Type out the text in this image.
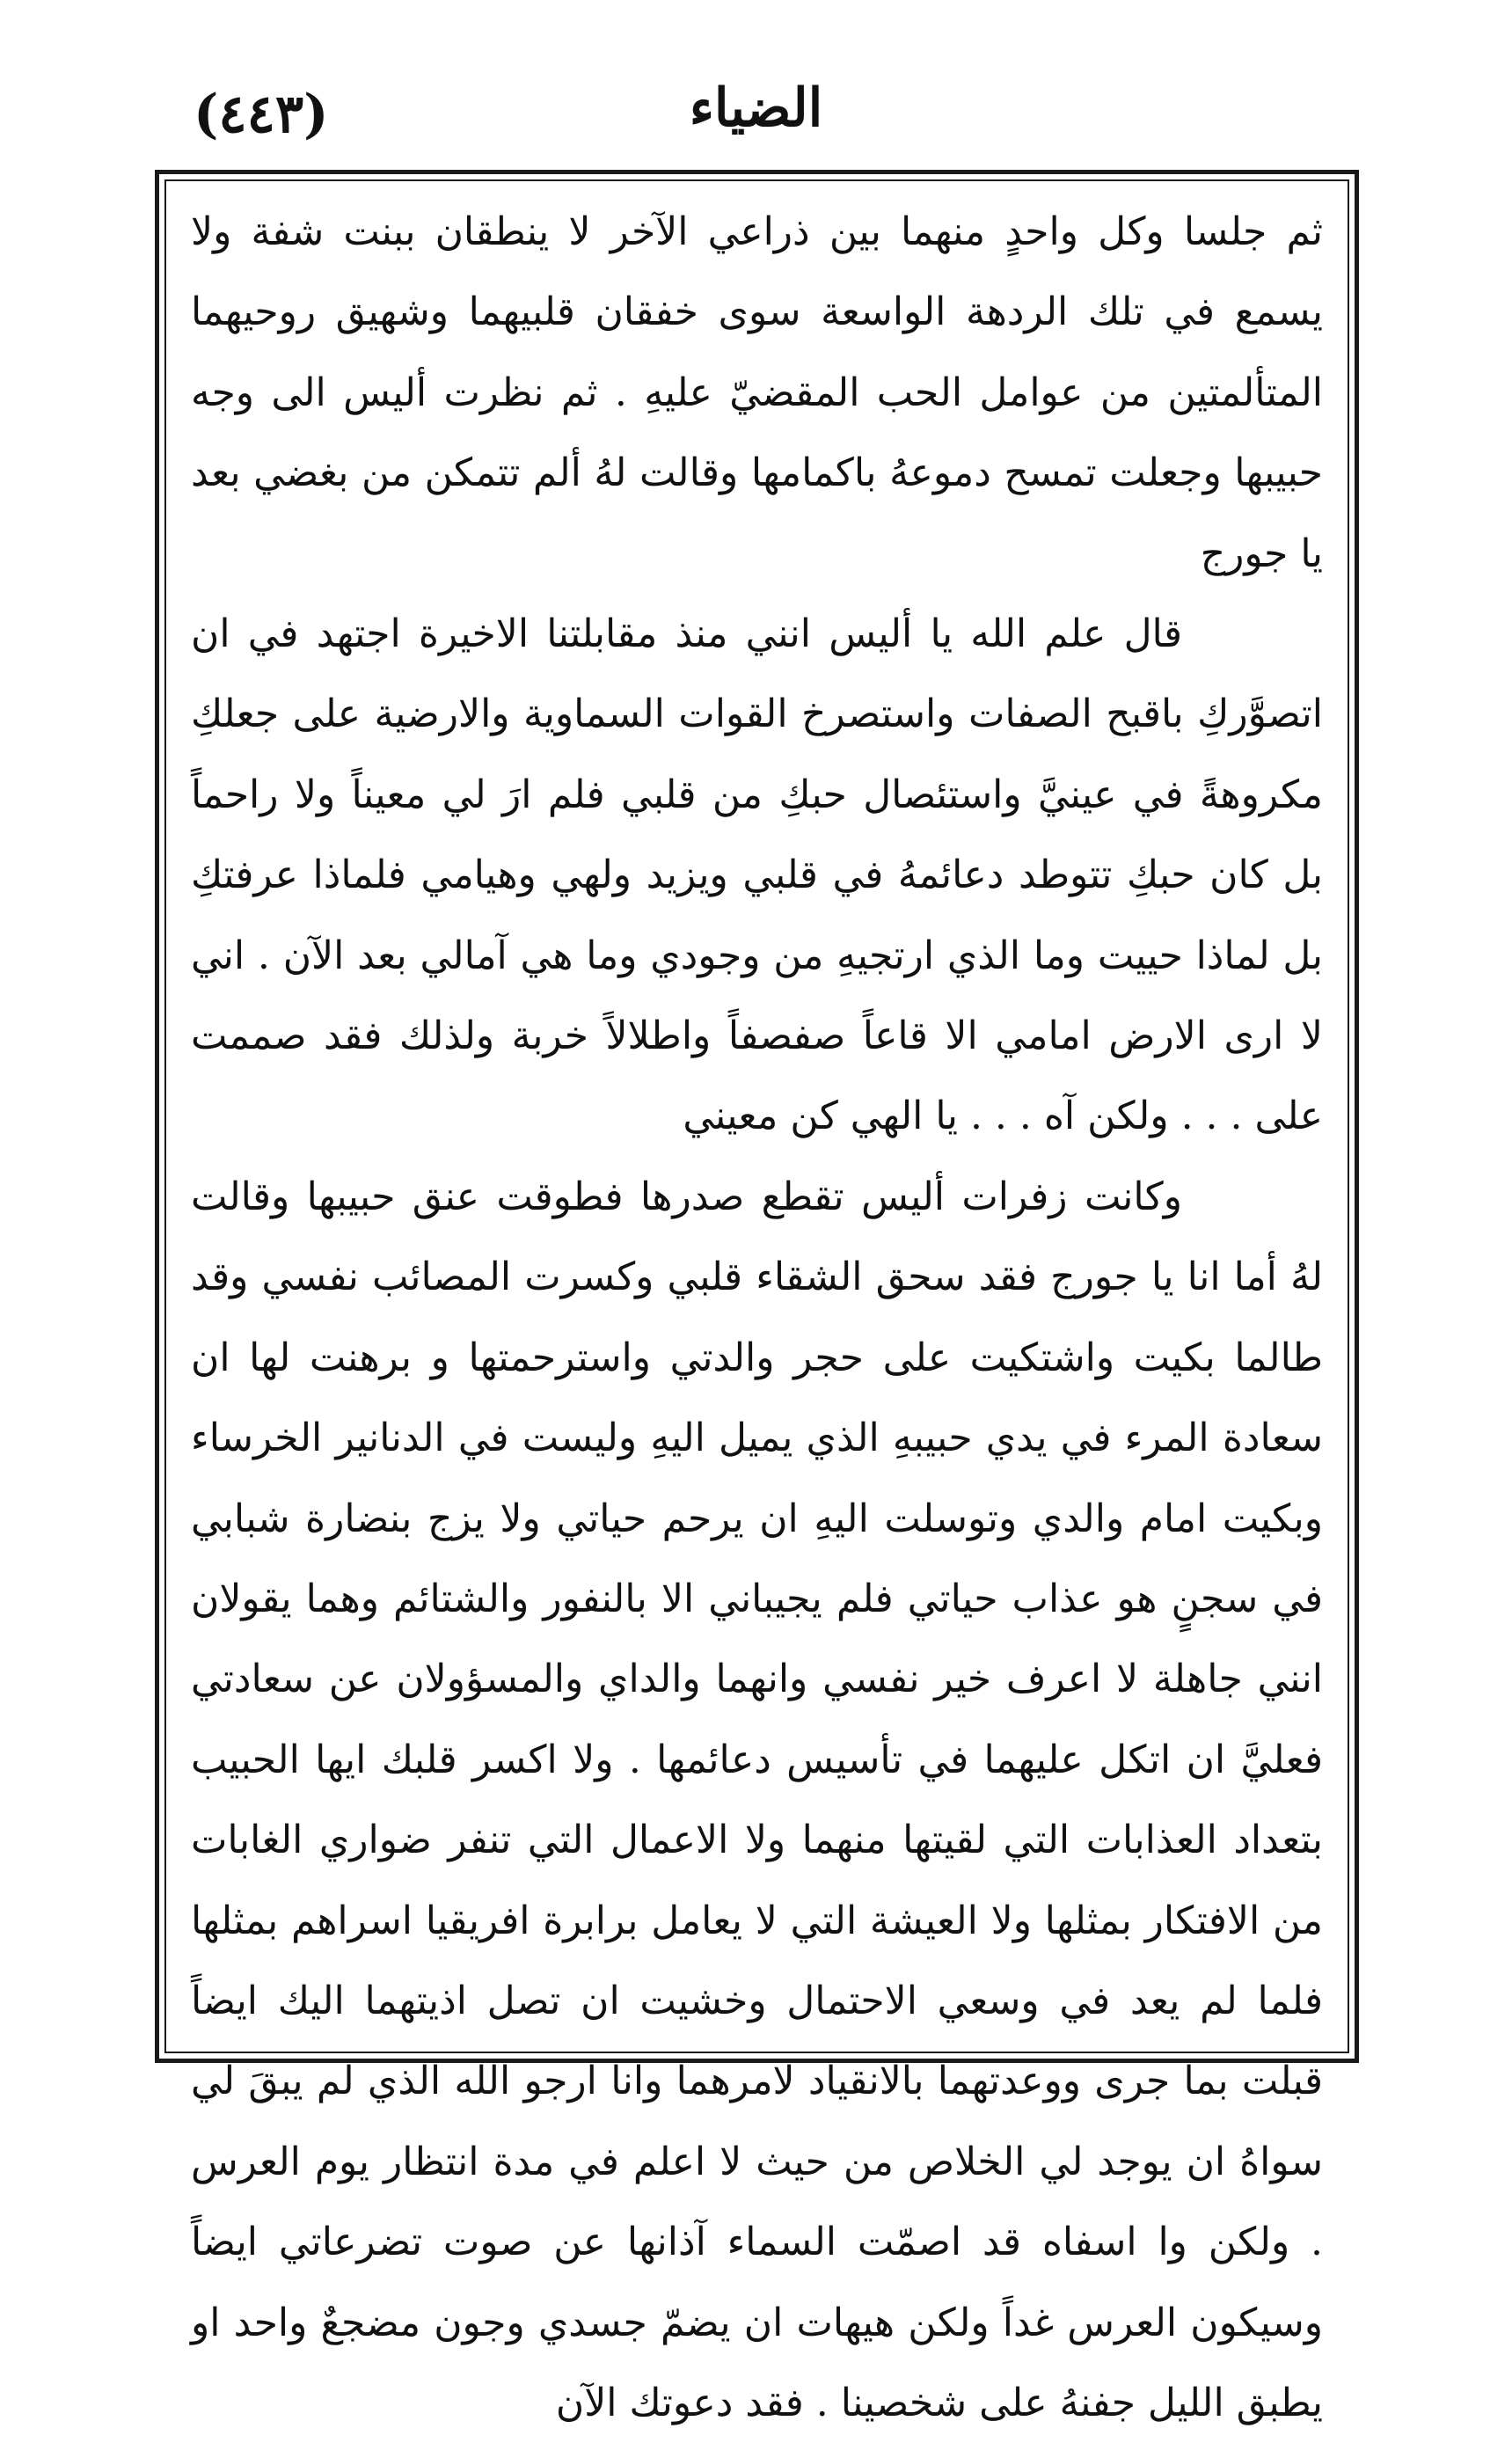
الضياء
(٤٤٣)

ثم جلسا وكل واحدٍ منهما بين ذراعي الآخر لا ينطقان ببنت شفة ولا يسمع في تلك الردهة الواسعة سوى خفقان قلبيهما وشهيق روحيهما المتألمتين من عوامل الحب المقضيّ عليهِ . ثم نظرت أليس الى وجه حبيبها وجعلت تمسح دموعهُ باكمامها وقالت لهُ ألم تتمكن من بغضي بعد يا جورج

قال علم الله يا أليس انني منذ مقابلتنا الاخيرة اجتهد في ان اتصوَّركِ باقبح الصفات واستصرخ القوات السماوية والارضية على جعلكِ مكروهةً في عينيَّ واستئصال حبكِ من قلبي فلم ارَ لي معيناً ولا راحماً بل كان حبكِ تتوطد دعائمهُ في قلبي ويزيد ولهي وهيامي فلماذا عرفتكِ بل لماذا حييت وما الذي ارتجيهِ من وجودي وما هي آمالي بعد الآن . اني لا ارى الارض امامي الا قاعاً صفصفاً واطلالاً خربة ولذلك فقد صممت على . . . ولكن آه . . . يا الهي كن معيني

وكانت زفرات أليس تقطع صدرها فطوقت عنق حبيبها وقالت لهُ أما انا يا جورج فقد سحق الشقاء قلبي وكسرت المصائب نفسي وقد طالما بكيت واشتكيت على حجر والدتي واسترحمتها و برهنت لها ان سعادة المرء في يدي حبيبهِ الذي يميل اليهِ وليست في الدنانير الخرساء وبكيت امام والدي وتوسلت اليهِ ان يرحم حياتي ولا يزج بنضارة شبابي في سجنٍ هو عذاب حياتي فلم يجيباني الا بالنفور والشتائم وهما يقولان انني جاهلة لا اعرف خير نفسي وانهما والداي والمسؤولان عن سعادتي فعليَّ ان اتكل عليهما في تأسيس دعائمها . ولا اكسر قلبك ايها الحبيب بتعداد العذابات التي لقيتها منهما ولا الاعمال التي تنفر ضواري الغابات من الافتكار بمثلها ولا العيشة التي لا يعامل برابرة افريقيا اسراهم بمثلها فلما لم يعد في وسعي الاحتمال وخشيت ان تصل اذيتهما اليك ايضاً قبلت بما جرى ووعدتهما بالانقياد لامرهما وانا ارجو الله الذي لم يبقَ لي سواهُ ان يوجد لي الخلاص من حيث لا اعلم في مدة انتظار يوم العرس . ولكن وا اسفاه قد اصمّت السماء آذانها عن صوت تضرعاتي ايضاً وسيكون العرس غداً ولكن هيهات ان يضمّ جسدي وجون مضجعٌ واحد او يطبق الليل جفنهُ على شخصينا . فقد دعوتك الآن
